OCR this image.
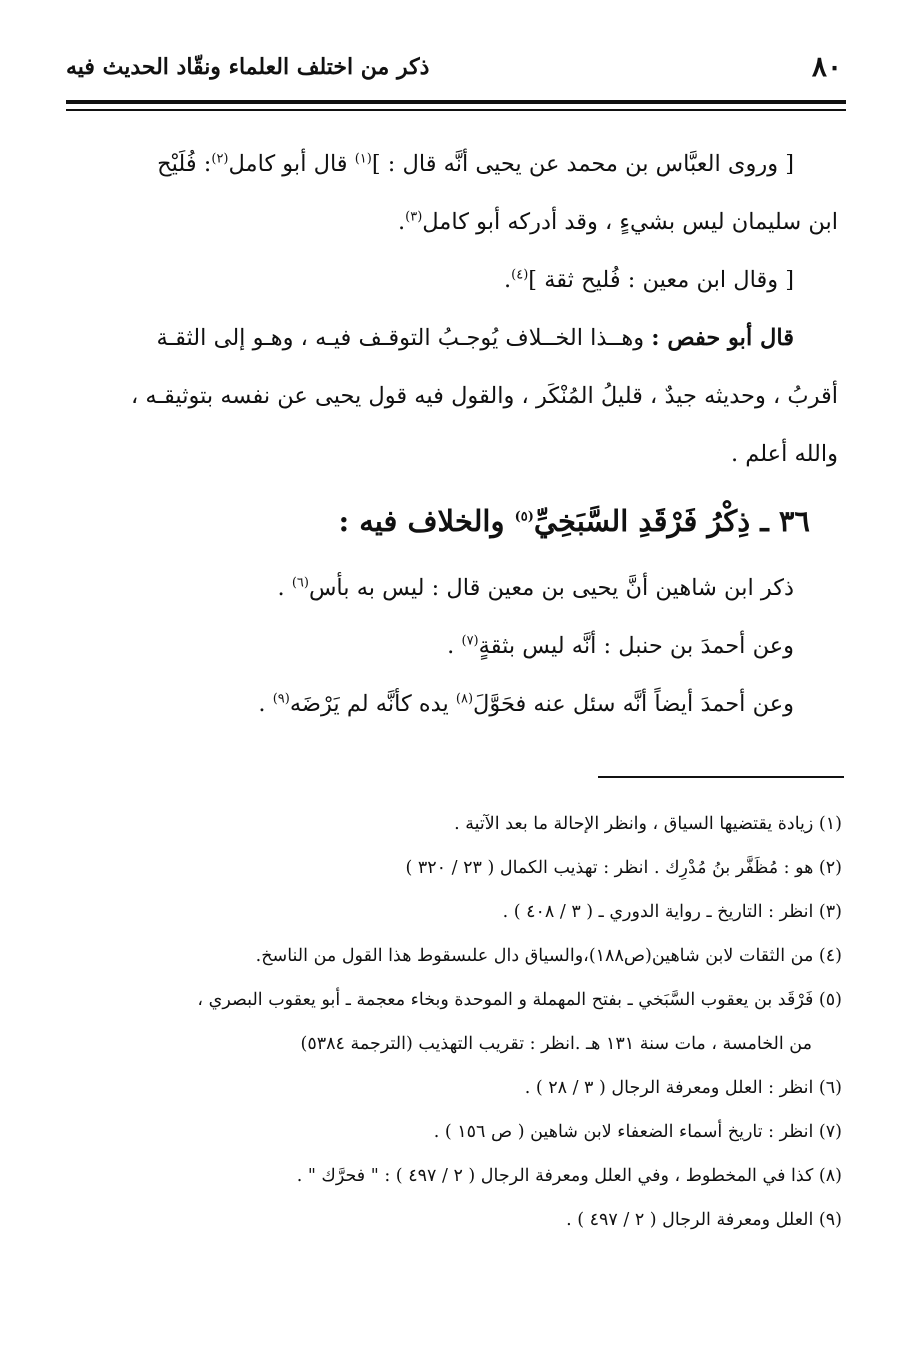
٨٠
ذكر من اختلف العلماء ونقّاد الحديث فيه
[ وروى العبَّاس بن محمد عن يحيى أنَّه قال : ]$^{(١)}$ قال أبو كامل$^{(٢)}$: فُلَيْح
ابن سليمان ليس بشيءٍ ، وقد أدركه أبو كامل$^{(٣)}$.
[ وقال ابن معين : فُليح ثقة ]$^{(٤)}$.
قال أبو حفص : وهــذا الخــلاف يُوجـبُ التوقـف فيـه ، وهـو إلى الثقـة
أقربُ ، وحديثه جيدٌ ، قليلُ المُنْكَر ، والقول فيه قول يحيى عن نفسه بتوثيقـه ،
والله أعلم .
٣٦ ـ ذِكْرُ فَرْقَدِ السَّبَخِيِّ$^{(٥)}$ والخلاف فيه :
ذكر ابن شاهين أنَّ يحيى بن معين قال : ليس به بأس$^{(٦)}$ .
وعن أحمدَ بن حنبل : أنَّه ليس بثقةٍ$^{(٧)}$ .
وعن أحمدَ أيضاً أنَّه سئل عنه فحَوَّلَ$^{(٨)}$ يده كأنَّه لم يَرْضَه$^{(٩)}$ .
(١) زيادة يقتضيها السياق ، وانظر الإحالة ما بعد الآتية .
(٢) هو : مُظَفَّر بنُ مُدْرِك . انظر : تهذيب الكمال ( ٢٣ / ٣٢٠ )
(٣) انظر : التاريخ ـ رواية الدوري ـ ( ٣ / ٤٠٨ ) .
(٤) من الثقات لابن شاهين(ص١٨٨)،والسياق دال علىسقوط هذا القول من الناسخ.
(٥) فَرْقَد بن يعقوب السَّبَخي ـ بفتح المهملة و الموحدة وبخاء معجمة ـ أبو يعقوب البصري ،
من الخامسة ، مات سنة ١٣١ هـ .انظر : تقريب التهذيب (الترجمة ٥٣٨٤)
(٦) انظر : العلل ومعرفة الرجال ( ٣ / ٢٨ ) .
(٧) انظر : تاريخ أسماء الضعفاء لابن شاهين ( ص ١٥٦ ) .
(٨) كذا في المخطوط ، وفي العلل ومعرفة الرجال ( ٢ / ٤٩٧ ) : " فحرَّك " .
(٩) العلل ومعرفة الرجال ( ٢ / ٤٩٧ ) .
